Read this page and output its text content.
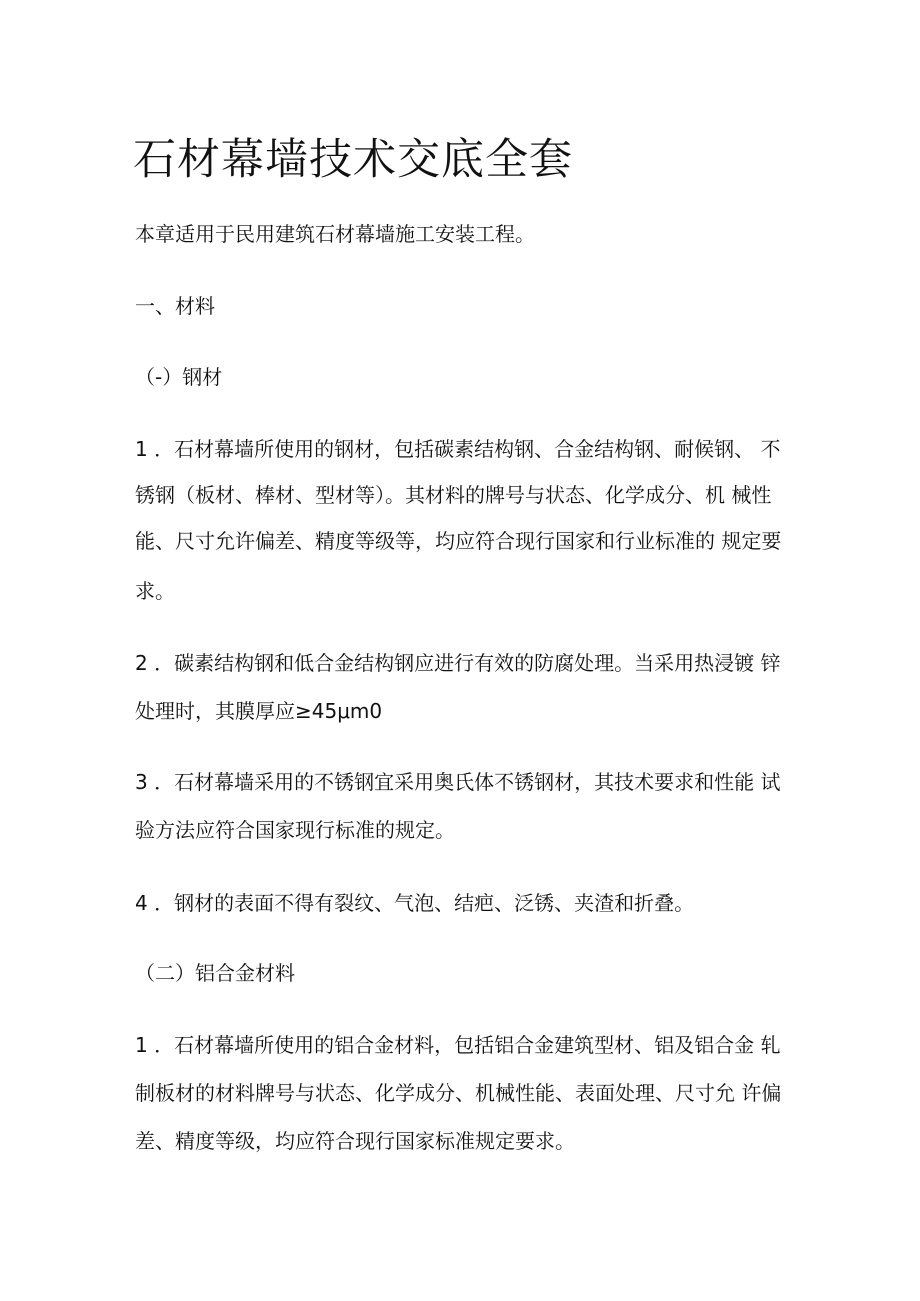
石材幕墙技术交底全套
本章适用于民用建筑石材幕墙施工安装工程。
一、材料
（-）钢材
1 ．石材幕墙所使用的钢材，包括碳素结构钢、合金结构钢、耐候钢、 不
锈钢（板材、棒材、型材等）。其材料的牌号与状态、化学成分、机 械性
能、尺寸允许偏差、精度等级等，均应符合现行国家和行业标准的 规定要
求。
2 ．碳素结构钢和低合金结构钢应进行有效的防腐处理。当采用热浸镀 锌
处理时，其膜厚应≥45μm0
3 ．石材幕墙采用的不锈钢宜采用奥氏体不锈钢材，其技术要求和性能 试
验方法应符合国家现行标准的规定。
4 ．钢材的表面不得有裂纹、气泡、结疤、泛锈、夹渣和折叠。
（二）铝合金材料
1 ．石材幕墙所使用的铝合金材料，包括铝合金建筑型材、铝及铝合金 轧
制板材的材料牌号与状态、化学成分、机械性能、表面处理、尺寸允 许偏
差、精度等级，均应符合现行国家标准规定要求。
